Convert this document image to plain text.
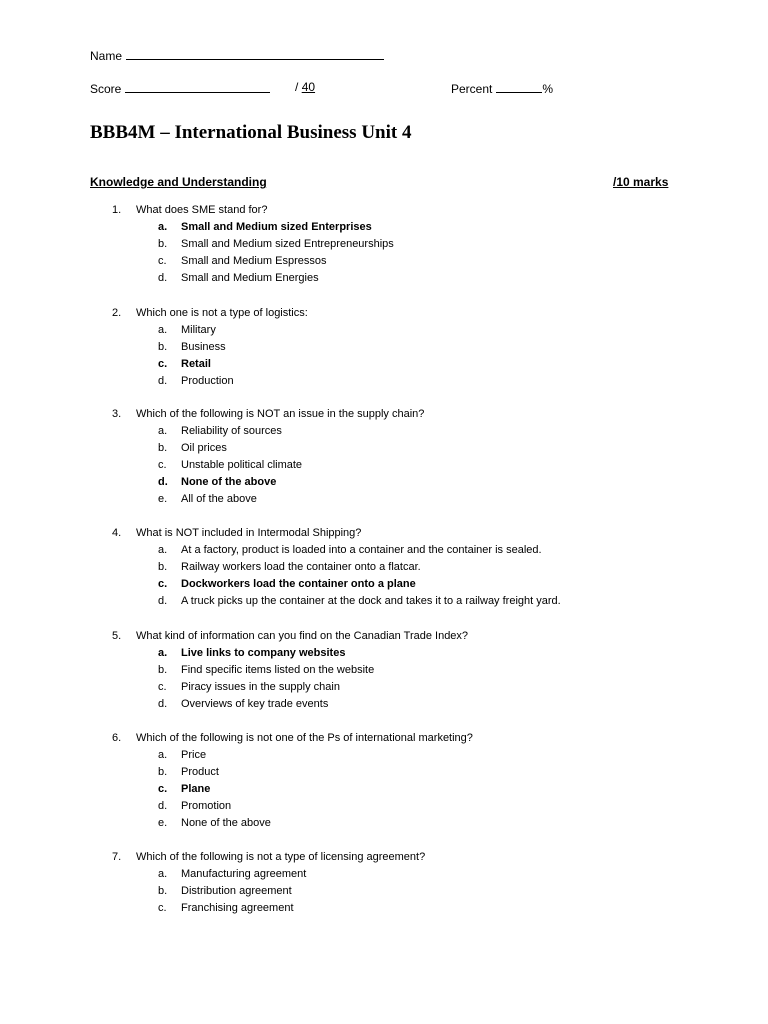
Name
Score	/ 40	Percent	%
BBB4M – International Business Unit 4
Knowledge and Understanding	/10 marks
1. What does SME stand for?
a. Small and Medium sized Enterprises
b. Small and Medium sized Entrepreneurships
c. Small and Medium Espressos
d. Small and Medium Energies
2. Which one is not a type of logistics:
a. Military
b. Business
c. Retail
d. Production
3. Which of the following is NOT an issue in the supply chain?
a. Reliability of sources
b. Oil prices
c. Unstable political climate
d. None of the above
e. All of the above
4. What is NOT included in Intermodal Shipping?
a. At a factory, product is loaded into a container and the container is sealed.
b. Railway workers load the container onto a flatcar.
c. Dockworkers load the container onto a plane
d. A truck picks up the container at the dock and takes it to a railway freight yard.
5. What kind of information can you find on the Canadian Trade Index?
a. Live links to company websites
b. Find specific items listed on the website
c. Piracy issues in the supply chain
d. Overviews of key trade events
6. Which of the following is not one of the Ps of international marketing?
a. Price
b. Product
c. Plane
d. Promotion
e. None of the above
7. Which of the following is not a type of licensing agreement?
a. Manufacturing agreement
b. Distribution agreement
c. Franchising agreement
